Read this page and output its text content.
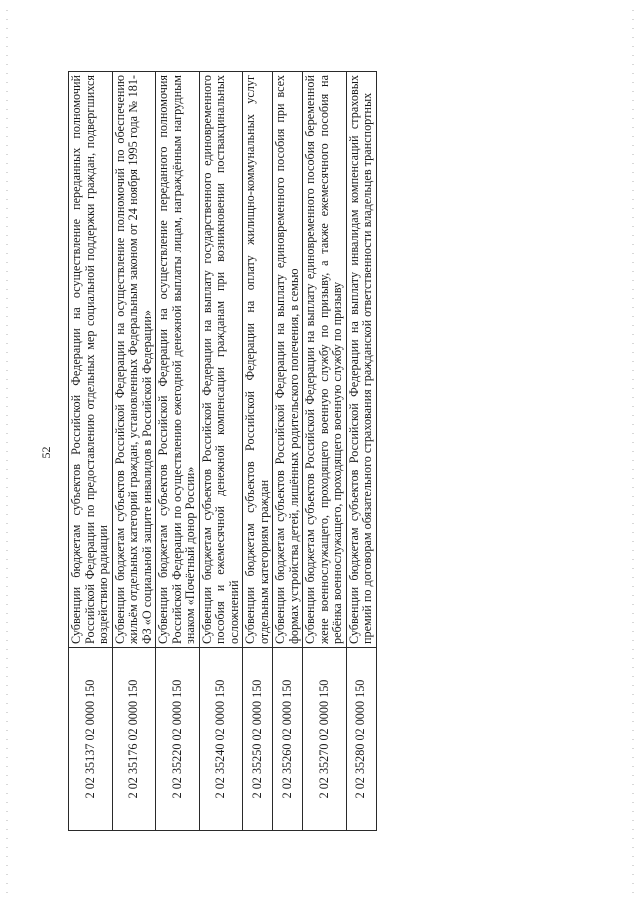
52
2 02 35137 02 0000 150	Субвенции бюджетам субъектов Российской Федерации на осуществление переданных полномочий Российской Федерации по предоставлению отдельных мер социальной поддержки граждан, подвергшихся воздействию радиации
2 02 35176 02 0000 150	Субвенции бюджетам субъектов Российской Федерации на осуществление полномочий по обеспечению жильём отдельных категорий граждан, установленных Федеральным законом от 24 ноября 1995 года № 181-ФЗ «О социальной защите инвалидов в Российской Федерации»
2 02 35220 02 0000 150	Субвенции бюджетам субъектов Российской Федерации на осуществление переданного полномочия Российской Федерации по осуществлению ежегодной денежной выплаты лицам, награждённым нагрудным знаком «Почётный донор России»
2 02 35240 02 0000 150	Субвенции бюджетам субъектов Российской Федерации на выплату государственного единовременного пособия и ежемесячной денежной компенсации гражданам при возникновении поствакцинальных осложнений
2 02 35250 02 0000 150	Субвенции бюджетам субъектов Российской Федерации на оплату жилищно-коммунальных услуг отдельным категориям граждан
2 02 35260 02 0000 150	Субвенции бюджетам субъектов Российской Федерации на выплату единовременного пособия при всех формах устройства детей, лишённых родительского попечения, в семью
2 02 35270 02 0000 150	Субвенции бюджетам субъектов Российской Федерации на выплату единовременного пособия беременной жене военнослужащего, проходящего военную службу по призыву, а также ежемесячного пособия на ребёнка военнослужащего, проходящего военную службу по призыву
2 02 35280 02 0000 150	Субвенции бюджетам субъектов Российской Федерации на выплату инвалидам компенсаций страховых премий по договорам обязательного страхования гражданской ответственности владельцев транспортных
